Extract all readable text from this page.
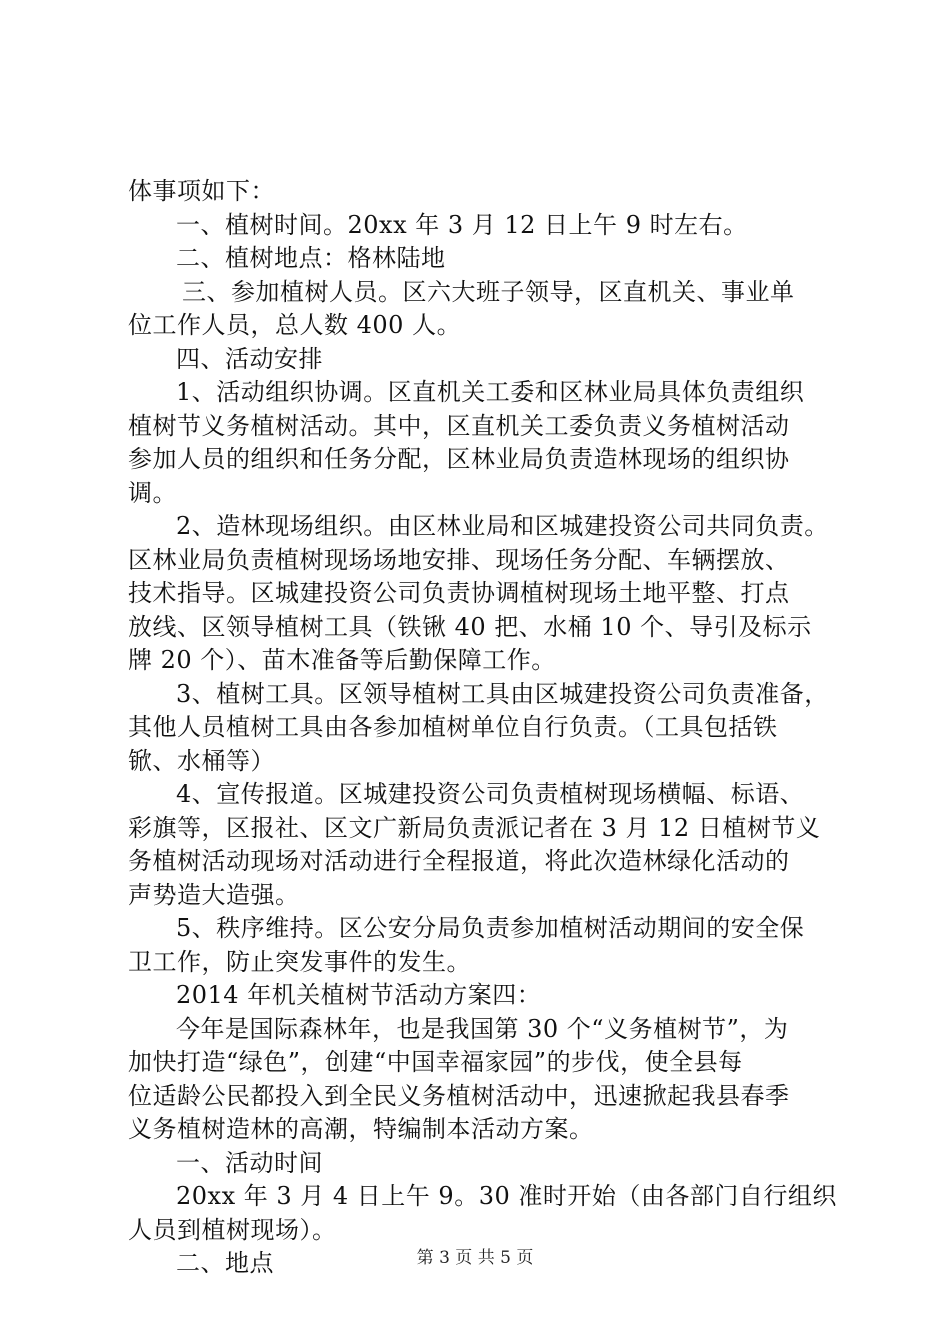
体事项如下：
一、植树时间。20xx 年 3 月 12 日上午 9 时左右。
二、植树地点：格林陆地
三、参加植树人员。区六大班子领导，区直机关、事业单
位工作人员，总人数 400 人。
四、活动安排
1、活动组织协调。区直机关工委和区林业局具体负责组织
植树节义务植树活动。其中，区直机关工委负责义务植树活动
参加人员的组织和任务分配，区林业局负责造林现场的组织协
调。
2、造林现场组织。由区林业局和区城建投资公司共同负责。
区林业局负责植树现场场地安排、现场任务分配、车辆摆放、
技术指导。区城建投资公司负责协调植树现场土地平整、打点
放线、区领导植树工具（铁锹 40 把、水桶 10 个、导引及标示
牌 20 个）、苗木准备等后勤保障工作。
3、植树工具。区领导植树工具由区城建投资公司负责准备，
其他人员植树工具由各参加植树单位自行负责。（工具包括铁
锨、水桶等）
4、宣传报道。区城建投资公司负责植树现场横幅、标语、
彩旗等，区报社、区文广新局负责派记者在 3 月 12 日植树节义
务植树活动现场对活动进行全程报道，将此次造林绿化活动的
声势造大造强。
5、秩序维持。区公安分局负责参加植树活动期间的安全保
卫工作，防止突发事件的发生。
2014 年机关植树节活动方案四：
今年是国际森林年，也是我国第 30 个“义务植树节”，为
加快打造“绿色”，创建“中国幸福家园”的步伐，使全县每
位适龄公民都投入到全民义务植树活动中，迅速掀起我县春季
义务植树造林的高潮，特编制本活动方案。
一、活动时间
20xx 年 3 月 4 日上午 9。30 准时开始（由各部门自行组织
人员到植树现场）。
二、地点	第 3 页 共 5 页
